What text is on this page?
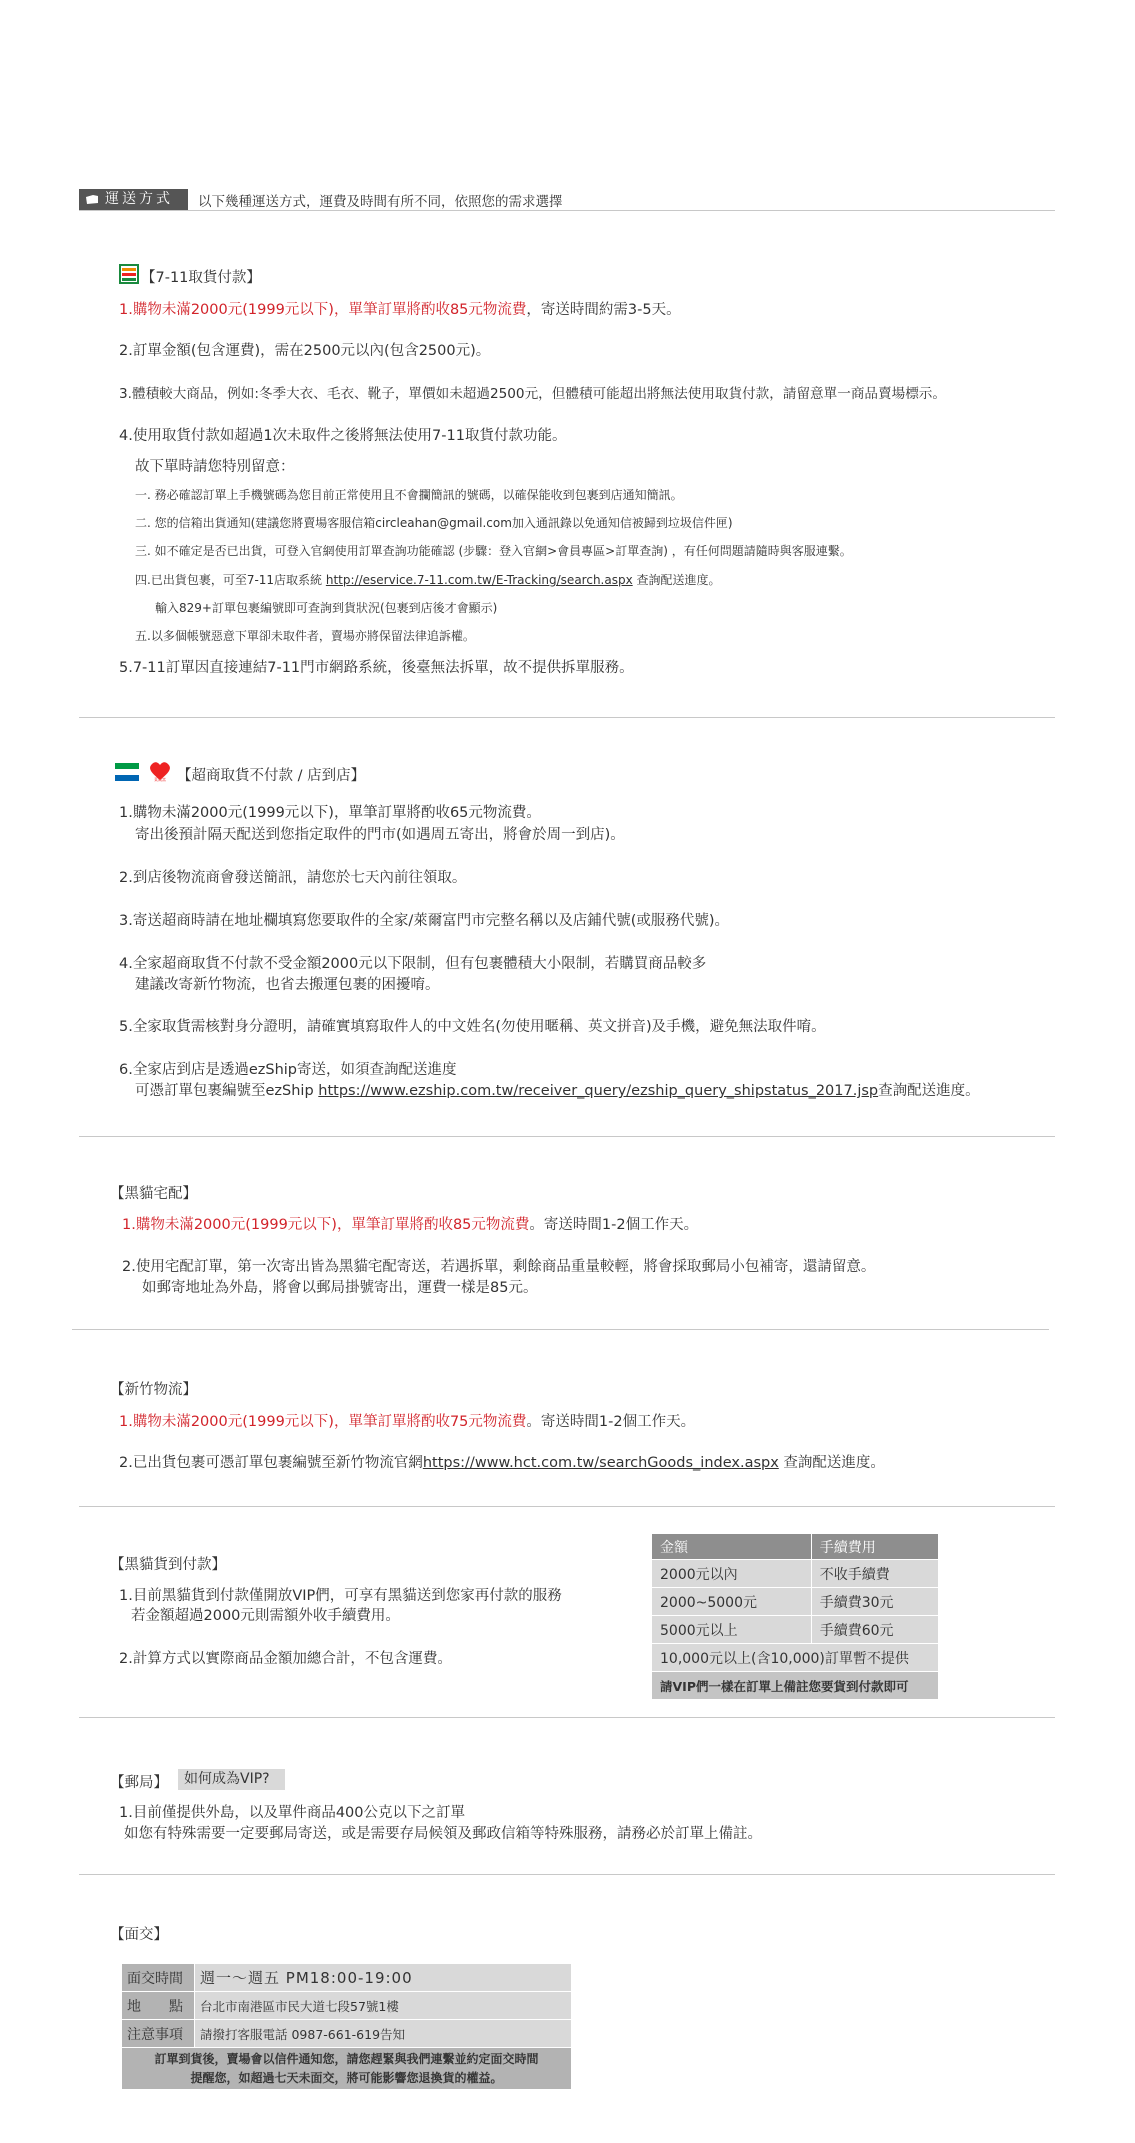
運送方式	以下幾種運送方式，運費及時間有所不同，依照您的需求選擇
【7-11取貨付款】
1.購物未滿2000元(1999元以下)，單筆訂單將酌收85元物流費，寄送時間約需3-5天。
2.訂單金額(包含運費)，需在2500元以內(包含2500元)。
3.體積較大商品，例如:冬季大衣、毛衣、靴子，單價如未超過2500元，但體積可能超出將無法使用取貨付款，請留意單一商品賣場標示。
4.使用取貨付款如超過1次未取件之後將無法使用7-11取貨付款功能。
故下單時請您特別留意：
一. 務必確認訂單上手機號碼為您目前正常使用且不會攔簡訊的號碼，以確保能收到包裹到店通知簡訊。
二. 您的信箱出貨通知(建議您將賣場客服信箱circleahan@gmail.com加入通訊錄以免通知信被歸到垃圾信件匣)
三. 如不確定是否已出貨，可登入官網使用訂單查詢功能確認 (步驟：登入官網>會員專區>訂單查詢) ，有任何問題請隨時與客服連繫。
四.已出貨包裹，可至7-11店取系統 http://eservice.7-11.com.tw/E-Tracking/search.aspx 查詢配送進度。
輸入829+訂單包裹編號即可查詢到貨狀況(包裹到店後才會顯示)
五.以多個帳號惡意下單卻未取件者，賣場亦將保留法律追訴權。
5.7-11訂單因直接連結7-11門市網路系統，後臺無法拆單，故不提供拆單服務。
萊爾富 【超商取貨不付款 / 店到店】
1.購物未滿2000元(1999元以下)，單筆訂單將酌收65元物流費。
寄出後預計隔天配送到您指定取件的門市(如遇周五寄出，將會於周一到店)。
2.到店後物流商會發送簡訊，請您於七天內前往領取。
3.寄送超商時請在地址欄填寫您要取件的全家/萊爾富門市完整名稱以及店鋪代號(或服務代號)。
4.全家超商取貨不付款不受金額2000元以下限制，但有包裹體積大小限制，若購買商品較多
建議改寄新竹物流，也省去搬運包裹的困擾唷。
5.全家取貨需核對身分證明，請確實填寫取件人的中文姓名(勿使用暱稱、英文拼音)及手機，避免無法取件唷。
6.全家店到店是透過ezShip寄送，如須查詢配送進度
可憑訂單包裹編號至ezShip https://www.ezship.com.tw/receiver_query/ezship_query_shipstatus_2017.jsp查詢配送進度。
【黑貓宅配】
1.購物未滿2000元(1999元以下)，單筆訂單將酌收85元物流費。寄送時間1-2個工作天。
2.使用宅配訂單，第一次寄出皆為黑貓宅配寄送，若遇拆單，剩餘商品重量較輕，將會採取郵局小包補寄，還請留意。
如郵寄地址為外島，將會以郵局掛號寄出，運費一樣是85元。
【新竹物流】
1.購物未滿2000元(1999元以下)，單筆訂單將酌收75元物流費。寄送時間1-2個工作天。
2.已出貨包裹可憑訂單包裹編號至新竹物流官網https://www.hct.com.tw/searchGoods_index.aspx 查詢配送進度。
【黑貓貨到付款】
1.目前黑貓貨到付款僅開放VIP們，可享有黑貓送到您家再付款的服務
若金額超過2000元則需額外收手續費用。
2.計算方式以實際商品金額加總合計，不包含運費。
金額	手續費用
2000元以內	不收手續費
2000~5000元	手續費30元
5000元以上	手續費60元
10,000元以上(含10,000)訂單暫不提供	
請VIP們一樣在訂單上備註您要貨到付款即可	
【郵局】	如何成為VIP?
1.目前僅提供外島，以及單件商品400公克以下之訂單
如您有特殊需要一定要郵局寄送，或是需要存局候領及郵政信箱等特殊服務，請務必於訂單上備註。
【面交】
面交時間	週一～週五 PM18:00-19:00
地　　點	台北市南港區市民大道七段57號1樓
注意事項	請撥打客服電話 0987-661-619告知

訂單到貨後，賣場會以信件通知您，請您趕緊與我們連繫並約定面交時間
提醒您，如超過七天未面交，將可能影響您退換貨的權益。	
